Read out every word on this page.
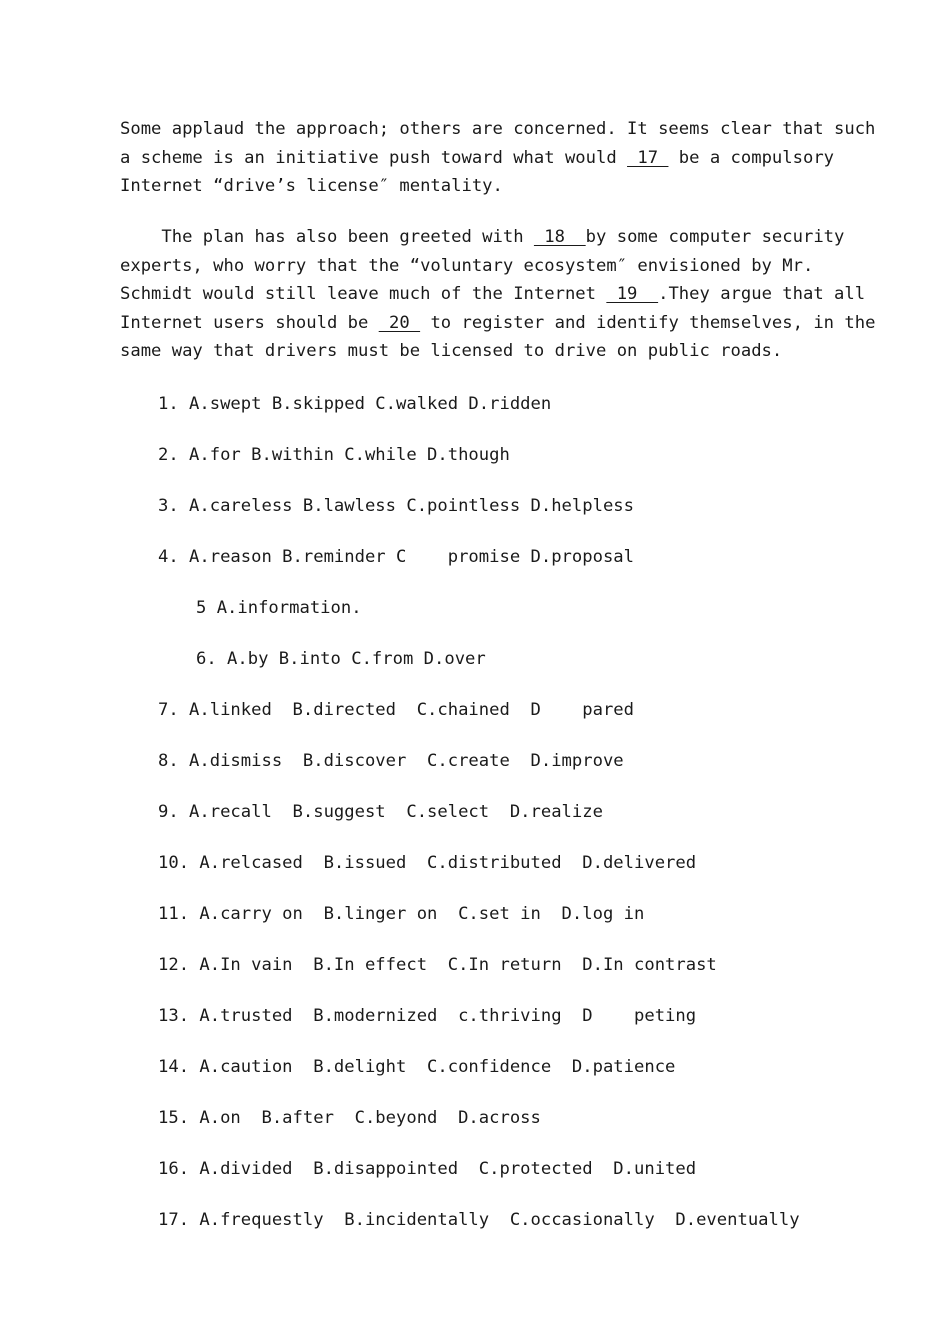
Some applaud the approach; others are concerned. It seems clear that such
a scheme is an initiative push toward what would  17  be a compulsory
Internet “drive’s license″ mentality.
The plan has also been greeted with  18  by some computer security
experts, who worry that the “voluntary ecosystem″ envisioned by Mr.
Schmidt would still leave much of the Internet  19  .They argue that all
Internet users should be  20  to register and identify themselves, in the
same way that drivers must be licensed to drive on public roads.
1. A.swept B.skipped C.walked D.ridden
2. A.for B.within C.while D.though
3. A.careless B.lawless C.pointless D.helpless
4. A.reason B.reminder C    promise D.proposal
5 A.information.
6. A.by B.into C.from D.over
7. A.linked  B.directed  C.chained  D    pared
8. A.dismiss  B.discover  C.create  D.improve
9. A.recall  B.suggest  C.select  D.realize
10. A.relcased  B.issued  C.distributed  D.delivered
11. A.carry on  B.linger on  C.set in  D.log in
12. A.In vain  B.In effect  C.In return  D.In contrast
13. A.trusted  B.modernized  c.thriving  D    peting
14. A.caution  B.delight  C.confidence  D.patience
15. A.on  B.after  C.beyond  D.across
16. A.divided  B.disappointed  C.protected  D.united
17. A.frequestly  B.incidentally  C.occasionally  D.eventually
